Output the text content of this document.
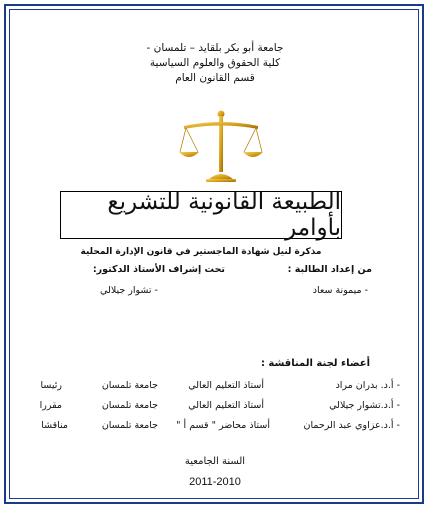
جامعة أبو بكر بلقايد – تلمسان -
كلية الحقوق والعلوم السياسية
قسم القانون العام
الطبيعة القانونية للتشريع بأوامر
مذكرة لنيل شهادة الماجستير في قانون الإدارة المحلية
من إعداد الطالبة :
تحت إشراف الأستاذ الدكتور:
- ميمونة سعاد
- تشوار جيلالي
أعضاء لجنة المناقشة :
- أ.د. بدران مراد
أستاذ التعليم العالي
جامعة تلمسان
رئيسا
- أ.د.تشوار جيلالي
أستاذ التعليم العالي
جامعة تلمسان
مقررا
- أ.د.عزاوي عبد الرحمان
أستاذ محاضر " قسم أ "
جامعة تلمسان
مناقشا
السنة الجامعية
2011-2010
